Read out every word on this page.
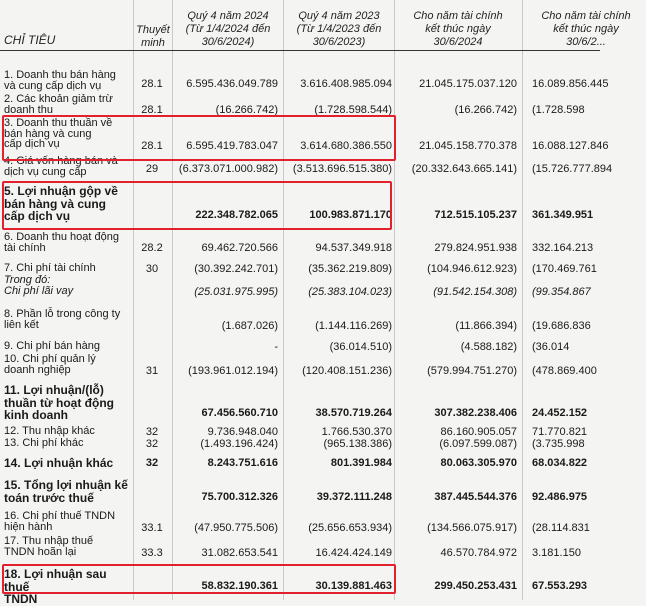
CHỈ TIÊU
Thuyết
minh
Quý 4 năm 2024
(Từ 1/4/2024 đến
30/6/2024)
Quý 4 năm 2023
(Từ 1/4/2023 đến
30/6/2023)
Cho năm tài chính
kết thúc ngày
30/6/2024
Cho năm tài chính
kết thúc ngày
30/6/2...
1. Doanh thu bán hàng
và cung cấp dịch vụ	28.1	6.595.436.049.789 3.616.408.985.094 21.045.175.037.120 16.089.856.445
2. Các khoản giảm trừ
doanh thu	28.1	(16.266.742)	(1.728.598.544)	(16.266.742) (1.728.598
3. Doanh thu thuần về
bán hàng và cung
cấp dịch vụ	28.1	6.595.419.783.047 3.614.680.386.550 21.045.158.770.378 16.088.127.846
4. Giá vốn hàng bán và
dịch vụ cung cấp	29	(6.373.071.000.982) (3.513.696.515.380) (20.332.643.665.141) (15.726.777.894
5. Lợi nhuận gộp về
bán hàng và cung
cấp dịch vụ	222.348.782.065	100.983.871.170	712.515.105.237 361.349.951
6. Doanh thu hoạt động
tài chính	28.2	69.462.720.566	94.537.349.918	279.824.951.938 332.164.213
7. Chi phí tài chính	30	(30.392.242.701)	(35.362.219.809)	(104.946.612.923) (170.469.761
Trong đó:
Chi phí lãi vay	(25.031.975.995)	(25.383.104.023)	(91.542.154.308) (99.354.867
8. Phần lỗ trong công ty
liên kết	(1.687.026)	(1.144.116.269)	(11.866.394) (19.686.836
9. Chi phí bán hàng	-	(36.014.510)	(4.588.182) (36.014
10. Chi phí quản lý
doanh nghiệp	31	(193.961.012.194) (120.408.151.236)	(579.994.751.270) (478.869.400
11. Lợi nhuận/(lỗ)
thuần từ hoạt động
kinh doanh	67.456.560.710	38.570.719.264	307.382.238.406 24.452.152
12. Thu nhập khác	32	9.736.948.040	1.766.530.370	86.160.905.057 71.770.821
13. Chi phí khác	32	(1.493.196.424)	(965.138.386)	(6.097.599.087) (3.735.998
14. Lợi nhuận khác	32	8.243.751.616	801.391.984	80.063.305.970 68.034.822
15. Tổng lợi nhuận kế
toán trước thuế	75.700.312.326	39.372.111.248	387.445.544.376 92.486.975
16. Chi phí thuế TNDN
hiện hành	33.1	(47.950.775.506)	(25.656.653.934)	(134.566.075.917) (28.114.831
17. Thu nhập thuế
TNDN hoãn lại	33.3	31.082.653.541	16.424.424.149	46.570.784.972 3.181.150
18. Lợi nhuận sau thuế
TNDN
58.832.190.361	30.139.881.463	299.450.253.431 67.553.293
